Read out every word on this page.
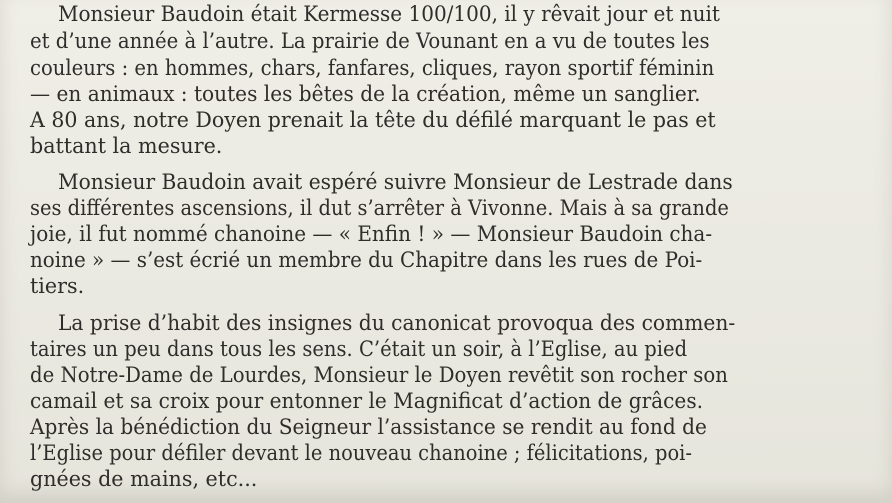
Monsieur Baudoin était Kermesse 100/100, il y rêvait jour et nuit
et d’une année à l’autre. La prairie de Vounant en a vu de toutes les
couleurs : en hommes, chars, fanfares, cliques, rayon sportif féminin
— en animaux : toutes les bêtes de la création, même un sanglier.
A 80 ans, notre Doyen prenait la tête du défilé marquant le pas et
battant la mesure.
Monsieur Baudoin avait espéré suivre Monsieur de Lestrade dans
ses différentes ascensions, il dut s’arrêter à Vivonne. Mais à sa grande
joie, il fut nommé chanoine — « Enfin ! » — Monsieur Baudoin cha-
noine » — s’est écrié un membre du Chapitre dans les rues de Poi-
tiers.
La prise d’habit des insignes du canonicat provoqua des commen-
taires un peu dans tous les sens. C’était un soir, à l’Eglise, au pied
de Notre-Dame de Lourdes, Monsieur le Doyen revêtit son rocher son
camail et sa croix pour entonner le Magnificat d’action de grâces.
Après la bénédiction du Seigneur l’assistance se rendit au fond de
l’Eglise pour défiler devant le nouveau chanoine ; félicitations, poi-
gnées de mains, etc...
